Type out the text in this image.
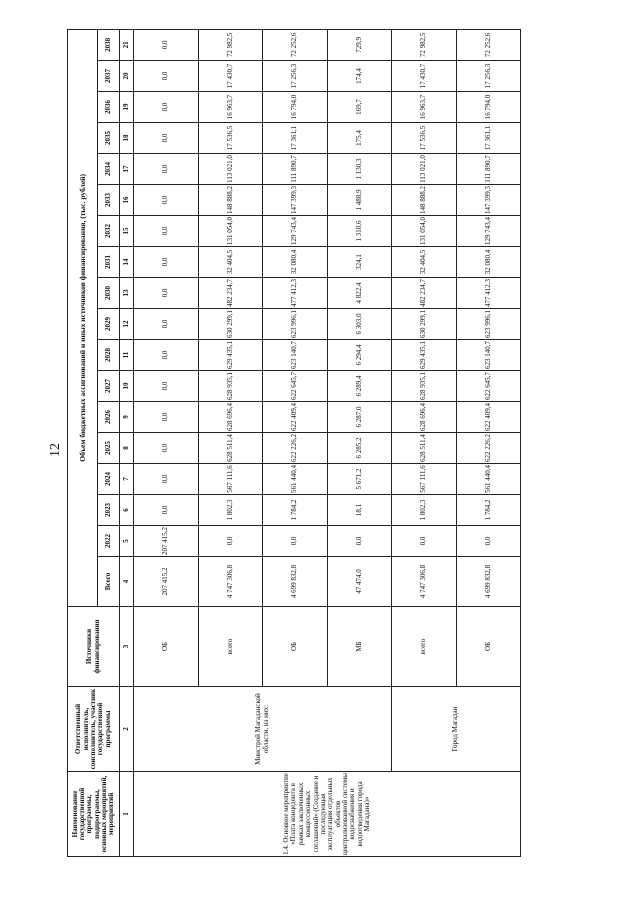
12
Наименование государственной программы, подпрограммы, основных мероприятий, мероприятий	Ответственный исполнитель, соисполнитель, участник государственной программы	Источники финансирования	Объем бюджетных ассигнований и иных источников финансирования, (тыс. рублей)																	
			Всего	2022	2023	2024	2025	2026	2027	2028	2029	2030	2031	2032	2033	2034	2035	2036	2037	2038
1	2	3	4	5	6	7	8	9	10	11	12	13	14	15	16	17	18	19	20	21
1.4. Основное мероприятие «Плата концедента в рамках заключенных концессионных соглашений» (Создание и последующая эксплуатация отдельных объектов централизованной системы водоснабжения и водоотведения города Магадана)»	Минстрой Магаданской области, из них:	ОБ	207 415,2	207 415,2	0,0	0,0	0,0	0,0	0,0	0,0	0,0	0,0	0,0	0,0	0,0	0,0	0,0	0,0	0,0	0,0
		всего	4 747 306,8	0,0	1 802,3	567 111,6	628 511,4	628 696,4	628 935,1	629 435,1	630 299,1	482 234,7	32 404,5	131 054,0	148 888,2	113 021,0	17 536,5	16 963,7	17 430,7	72 982,5
		ОБ	4 699 832,8	0,0	1 784,2	561 440,4	622 226,2	622 409,4	622 645,7	623 140,7	623 996,1	477 412,3	32 080,4	129 743,4	147 399,3	111 890,7	17 361,1	16 794,0	17 256,3	72 252,6
		МБ	47 474,0	0,0	18,1	5 671,2	6 285,2	6 287,0	6 289,4	6 294,4	6 303,0	4 822,4	324,1	1 310,6	1 488,9	1 130,3	175,4	169,7	174,4	729,9
	Город Магадан	всего	4 747 306,8	0,0	1 802,3	567 111,6	628 511,4	628 696,4	628 935,1	629 435,1	630 299,1	482 234,7	32 404,5	131 054,0	148 888,2	113 021,0	17 536,5	16 963,7	17 430,7	72 982,5
		ОБ	4 699 832,8	0,0	1 784,2	561 440,4	622 226,2	622 409,4	622 645,7	623 140,7	623 996,1	477 412,3	32 080,4	129 743,4	147 399,3	111 890,7	17 361,1	16 794,0	17 256,3	72 252,6
